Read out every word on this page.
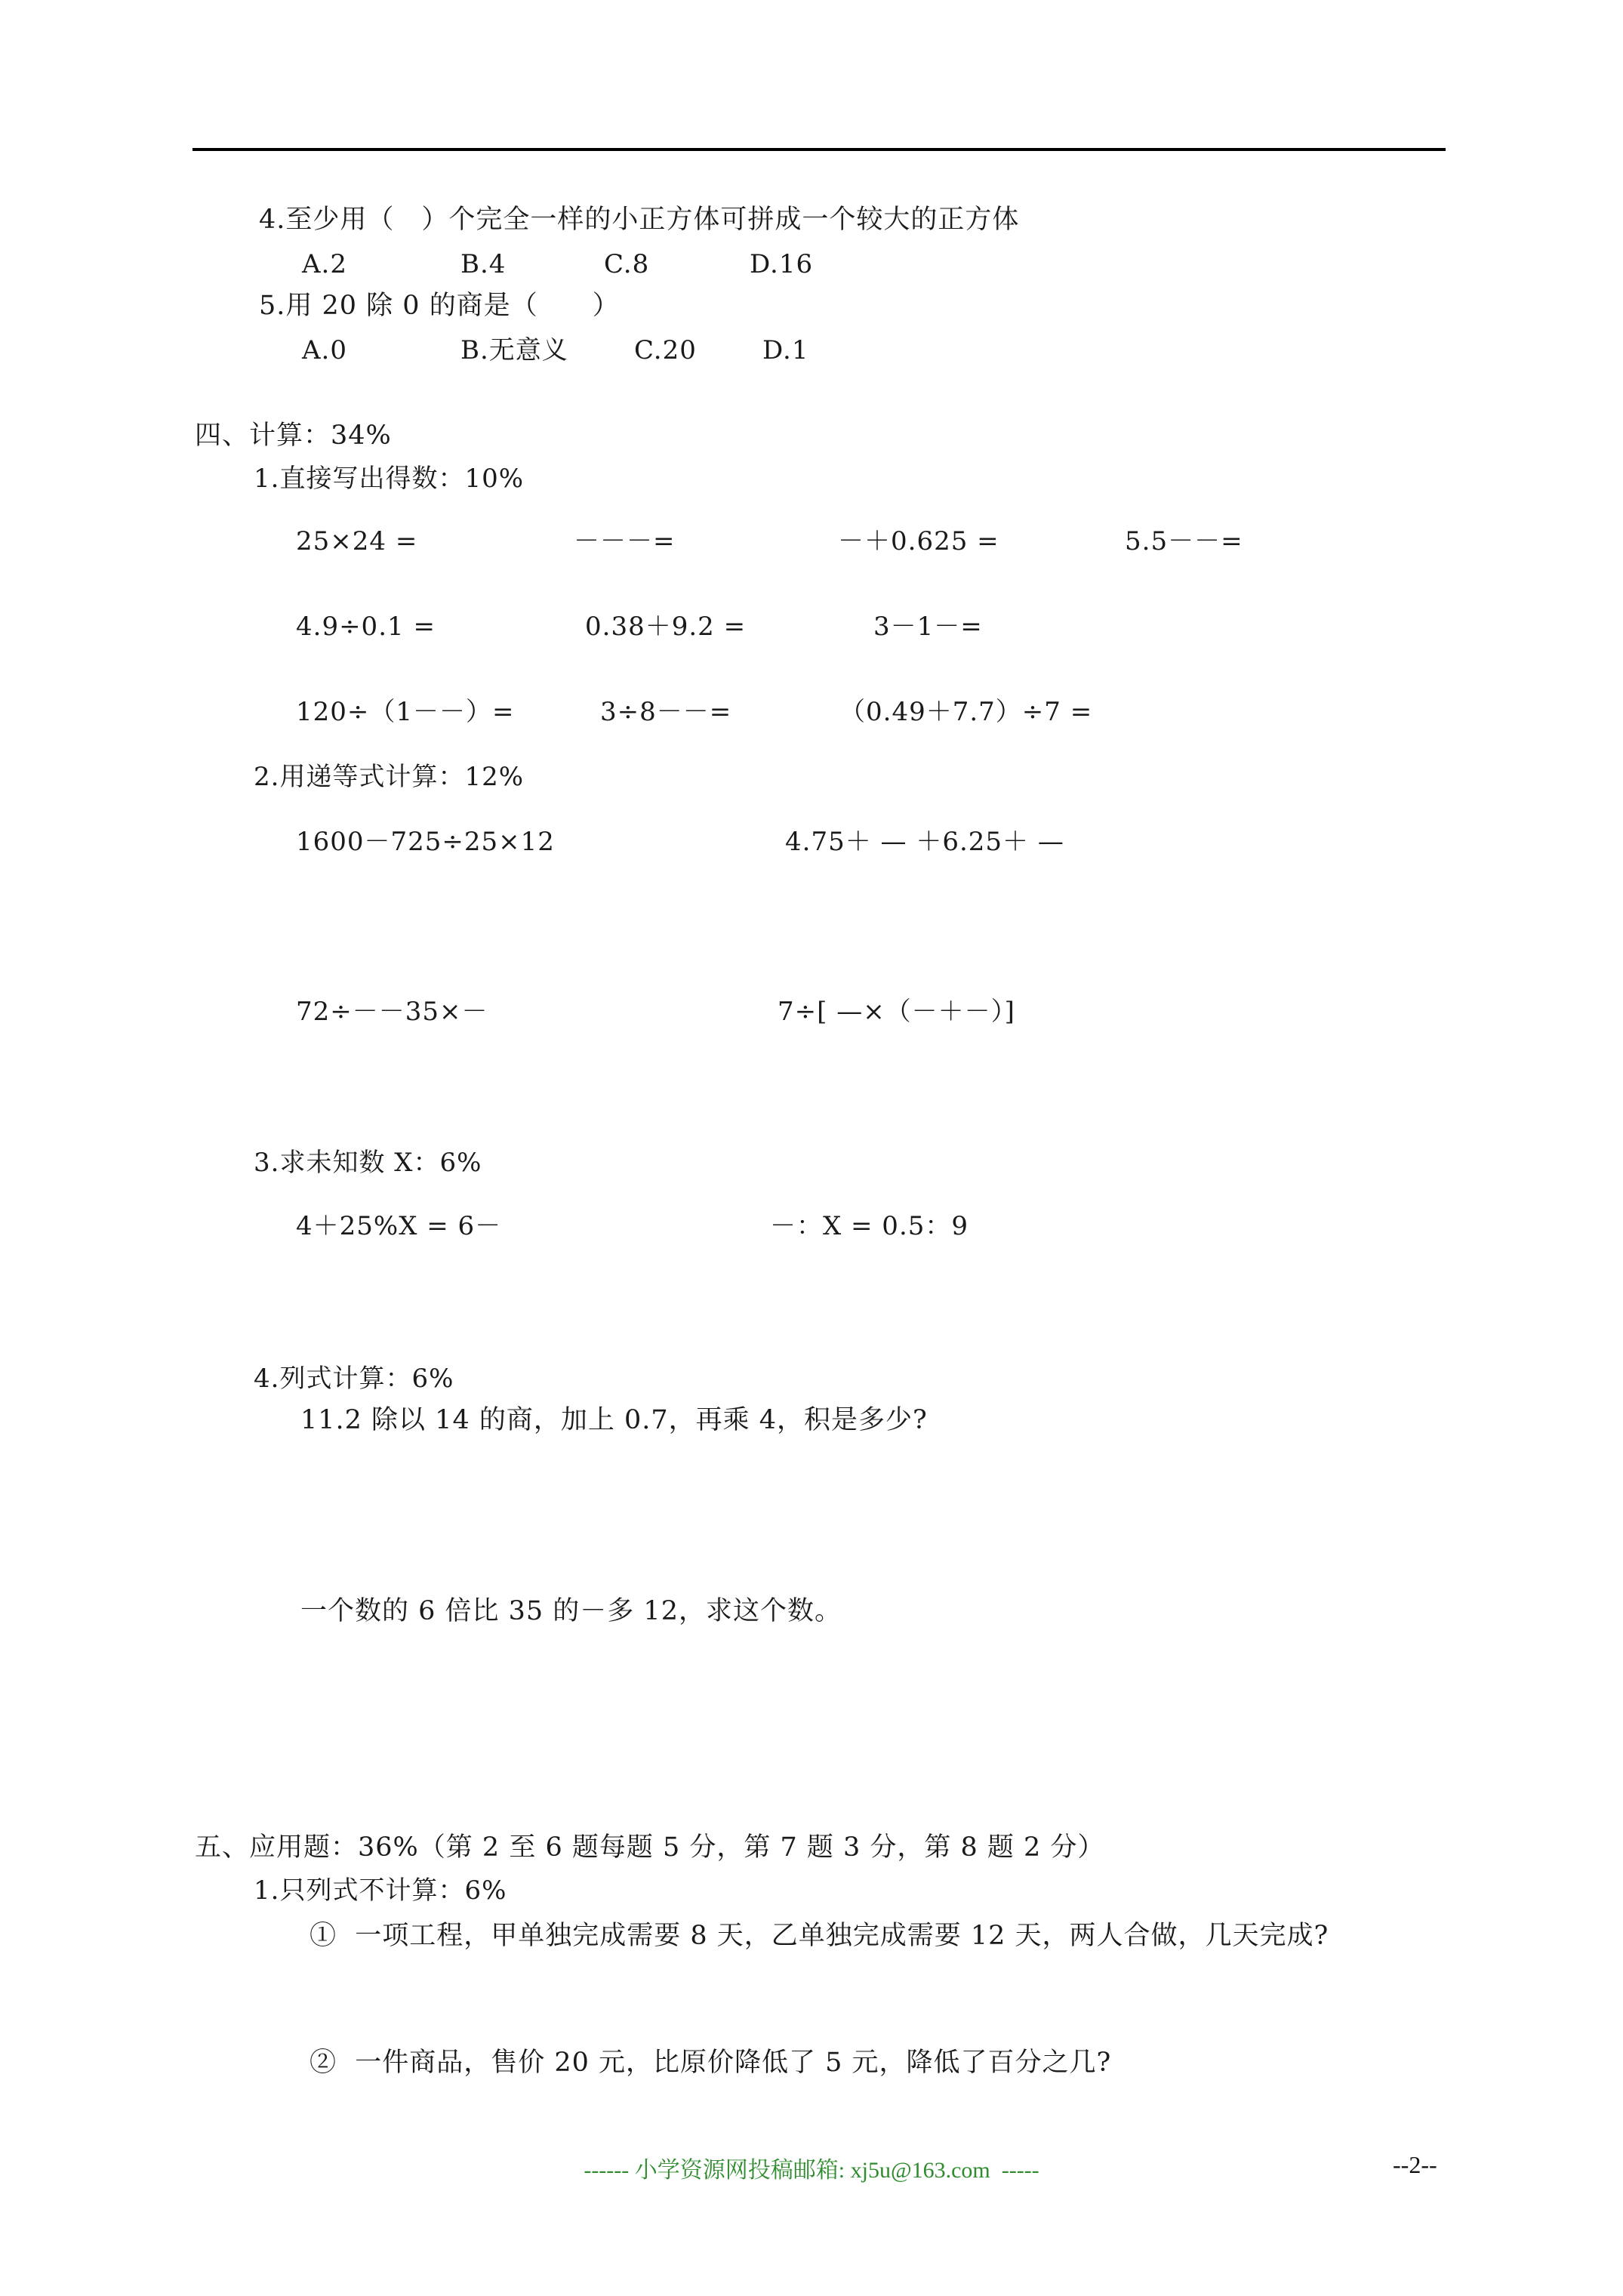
4.至少用（　）个完全一样的小正方体可拼成一个较大的正方体
A.2	B.4	C.8	D.16
5.用 20 除 0 的商是（　　）
A.0	B.无意义	C.20	D.1
四、计算：34%
1.直接写出得数：10%
25×24 =	－－－=	－＋0.625 =	5.5－－=
4.9÷0.1 =	0.38＋9.2 =	3－1－=
120÷（1－－）=	3÷8－－=	（0.49＋7.7）÷7 =
2.用递等式计算：12%
1600－725÷25×12	4.75＋ — ＋6.25＋ —
72÷－－35×－	7÷[ —×（－＋－）]
3.求未知数 X：6%
4＋25%X = 6－	－：X = 0.5：9
4.列式计算：6%
11.2 除以 14 的商，加上 0.7，再乘 4，积是多少?
一个数的 6 倍比 35 的－多 12，求这个数。
五、应用题：36%（第 2 至 6 题每题 5 分，第 7 题 3 分，第 8 题 2 分）
1.只列式不计算：6%
①  一项工程，甲单独完成需要 8 天，乙单独完成需要 12 天，两人合做，几天完成?
②  一件商品，售价 20 元，比原价降低了 5 元，降低了百分之几?
------ 小学资源网投稿邮箱: xj5u@163.com  -----	--2--
